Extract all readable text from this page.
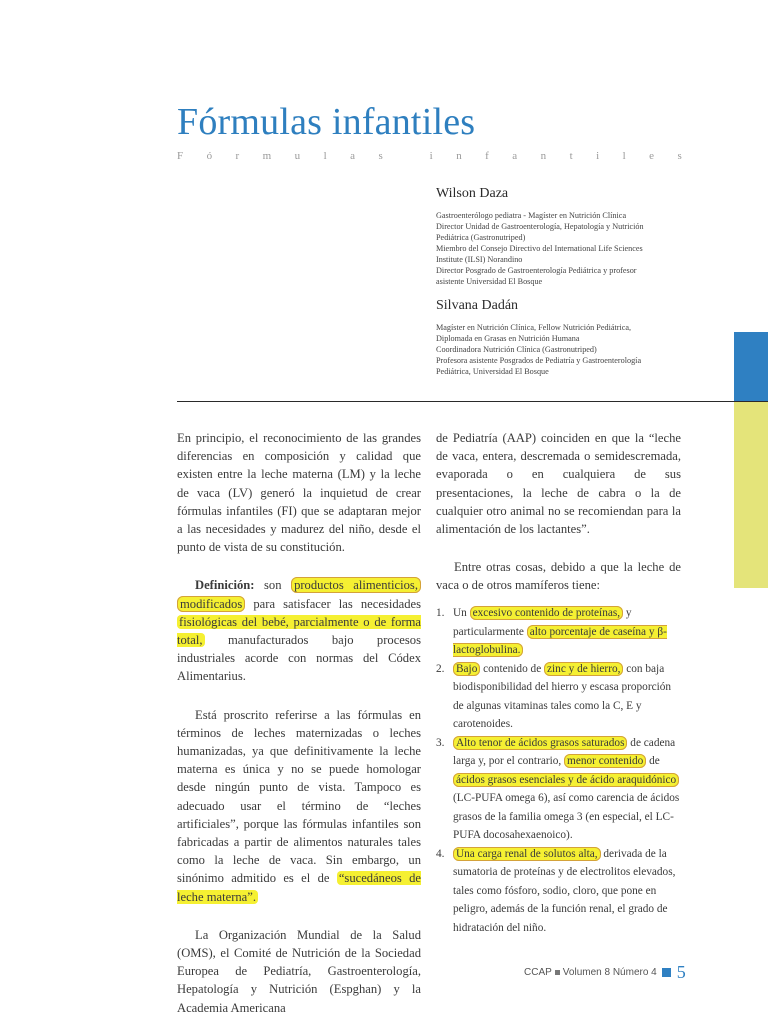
Fórmulas infantiles
F ó r m u l a s	i n f a n t i l e s
Wilson Daza
Gastroenterólogo pediatra - Magíster en Nutrición Clínica
Director Unidad de Gastroenterología, Hepatología y Nutrición
Pediátrica (Gastronutriped)
Miembro del Consejo Directivo del International Life Sciences
Institute (ILSI) Norandino
Director Posgrado de Gastroenterología Pediátrica y profesor
asistente Universidad El Bosque
Silvana Dadán
Magíster en Nutrición Clínica, Fellow Nutrición Pediátrica,
Diplomada en Grasas en Nutrición Humana
Coordinadora Nutrición Clínica (Gastronutriped)
Profesora asistente Posgrados de Pediatría y Gastroenterología
Pediátrica, Universidad El Bosque

En principio, el reconocimiento de las grandes diferencias en composición y calidad que existen entre la leche materna (LM) y la leche de vaca (LV) generó la inquietud de crear fórmulas infantiles (FI) que se adaptaran mejor a las necesidades y madurez del niño, desde el punto de vista de su constitución.

Definición: son productos alimenticios, modificados para satisfacer las necesidades fisiológicas del bebé, parcialmente o de forma total, manufacturados bajo procesos industriales acorde con normas del Códex Alimentarius.

Está proscrito referirse a las fórmulas en términos de leches maternizadas o leches humanizadas, ya que definitivamente la leche materna es única y no se puede homologar desde ningún punto de vista. Tampoco es adecuado usar el término de “leches artificiales”, porque las fórmulas infantiles son fabricadas a partir de alimentos naturales tales como la leche de vaca. Sin embargo, un sinónimo admitido es el de “sucedáneos de leche materna”.

La Organización Mundial de la Salud (OMS), el Comité de Nutrición de la Sociedad Europea de Pediatría, Gastroenterología, Hepatología y Nutrición (Espghan) y la Academia Americana

de Pediatría (AAP) coinciden en que la “leche de vaca, entera, descremada o semidescremada, evaporada o en cualquiera de sus presentaciones, la leche de cabra o la de cualquier otro animal no se recomiendan para la alimentación de los lactantes”.

Entre otras cosas, debido a que la leche de vaca o de otros mamíferos tiene:

1. Un excesivo contenido de proteínas, y particularmente alto porcentaje de caseína y β-lactoglobulina.
2. Bajo contenido de zinc y de hierro, con baja biodisponibilidad del hierro y escasa proporción de algunas vitaminas tales como la C, E y carotenoides.
3. Alto tenor de ácidos grasos saturados de cadena larga y, por el contrario, menor contenido de ácidos grasos esenciales y de ácido araquidónico (LC-PUFA omega 6), así como carencia de ácidos grasos de la familia omega 3 (en especial, el LC-PUFA docosahexaenoico).
4. Una carga renal de solutos alta, derivada de la sumatoria de proteínas y de electrolitos elevados, tales como fósforo, sodio, cloro, que pone en peligro, además de la función renal, el grado de hidratación del niño.
CCAP Volumen 8 Número 4 5
